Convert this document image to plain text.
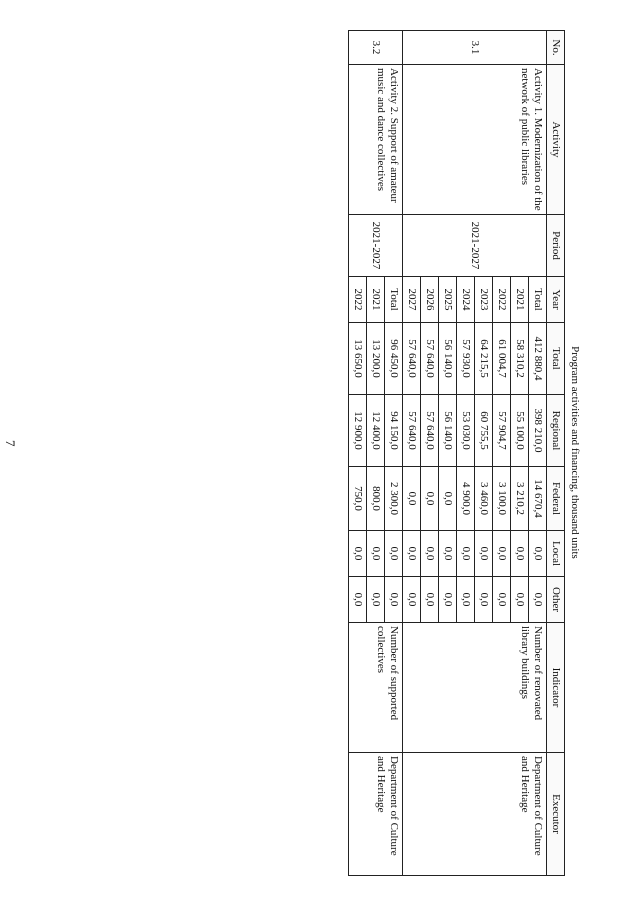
7	Program activities and financing, thousand units
No.	Activity	Period	Year	Total	Regional	Federal	Local	Other	Indicator	Executor
3.1	Activity 1. Modernization of the network of public libraries	2021-2027	Total	412 880,4	398 210,0	14 670,4	0,0	0,0	Number of renovated library buildings	Department of Culture and Heritage
			2021	58 310,2	55 100,0	3 210,2	0,0	0,0		
			2022	61 004,7	57 904,7	3 100,0	0,0	0,0		
			2023	64 215,5	60 755,5	3 460,0	0,0	0,0		
			2024	57 930,0	53 030,0	4 900,0	0,0	0,0		
			2025	56 140,0	56 140,0	0,0	0,0	0,0		
			2026	57 640,0	57 640,0	0,0	0,0	0,0		
			2027	57 640,0	57 640,0	0,0	0,0	0,0		
3.2	Activity 2. Support of amateur music and dance collectives	2021-2027	Total	96 450,0	94 150,0	2 300,0	0,0	0,0	Number of supported collectives	Department of Culture and Heritage
			2021	13 200,0	12 400,0	800,0	0,0	0,0		
			2022	13 650,0	12 900,0	750,0	0,0	0,0		
